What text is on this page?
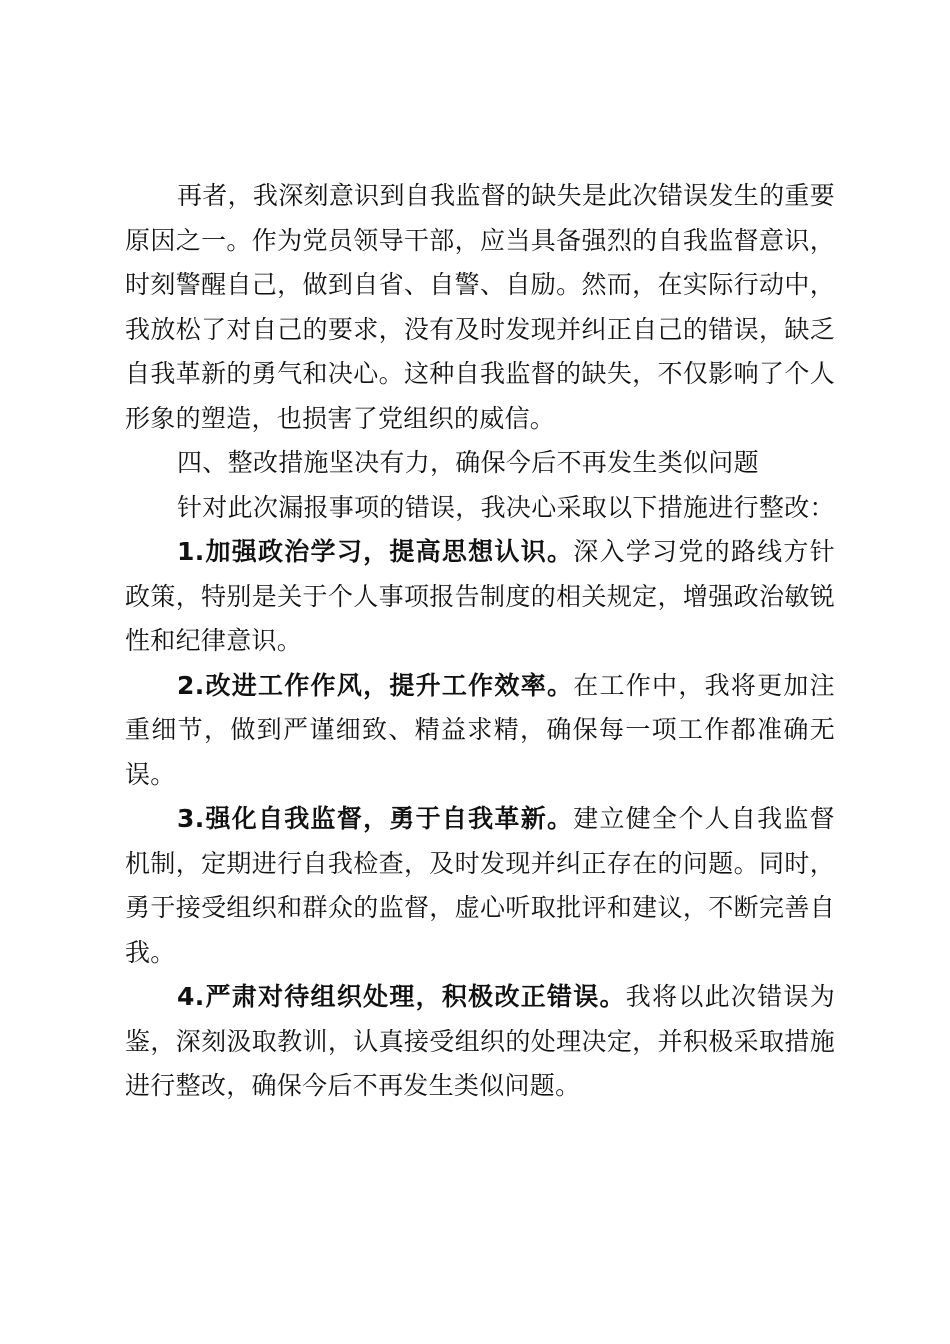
再者，我深刻意识到自我监督的缺失是此次错误发生的重要原因之一。作为党员领导干部，应当具备强烈的自我监督意识，时刻警醒自己，做到自省、自警、自励。然而，在实际行动中，我放松了对自己的要求，没有及时发现并纠正自己的错误，缺乏自我革新的勇气和决心。这种自我监督的缺失，不仅影响了个人形象的塑造，也损害了党组织的威信。

四、整改措施坚决有力，确保今后不再发生类似问题

针对此次漏报事项的错误，我决心采取以下措施进行整改：

1.加强政治学习，提高思想认识。深入学习党的路线方针政策，特别是关于个人事项报告制度的相关规定，增强政治敏锐性和纪律意识。

2.改进工作作风，提升工作效率。在工作中，我将更加注重细节，做到严谨细致、精益求精，确保每一项工作都准确无误。

3.强化自我监督，勇于自我革新。建立健全个人自我监督机制，定期进行自我检查，及时发现并纠正存在的问题。同时，勇于接受组织和群众的监督，虚心听取批评和建议，不断完善自我。

4.严肃对待组织处理，积极改正错误。我将以此次错误为鉴，深刻汲取教训，认真接受组织的处理决定，并积极采取措施进行整改，确保今后不再发生类似问题。
